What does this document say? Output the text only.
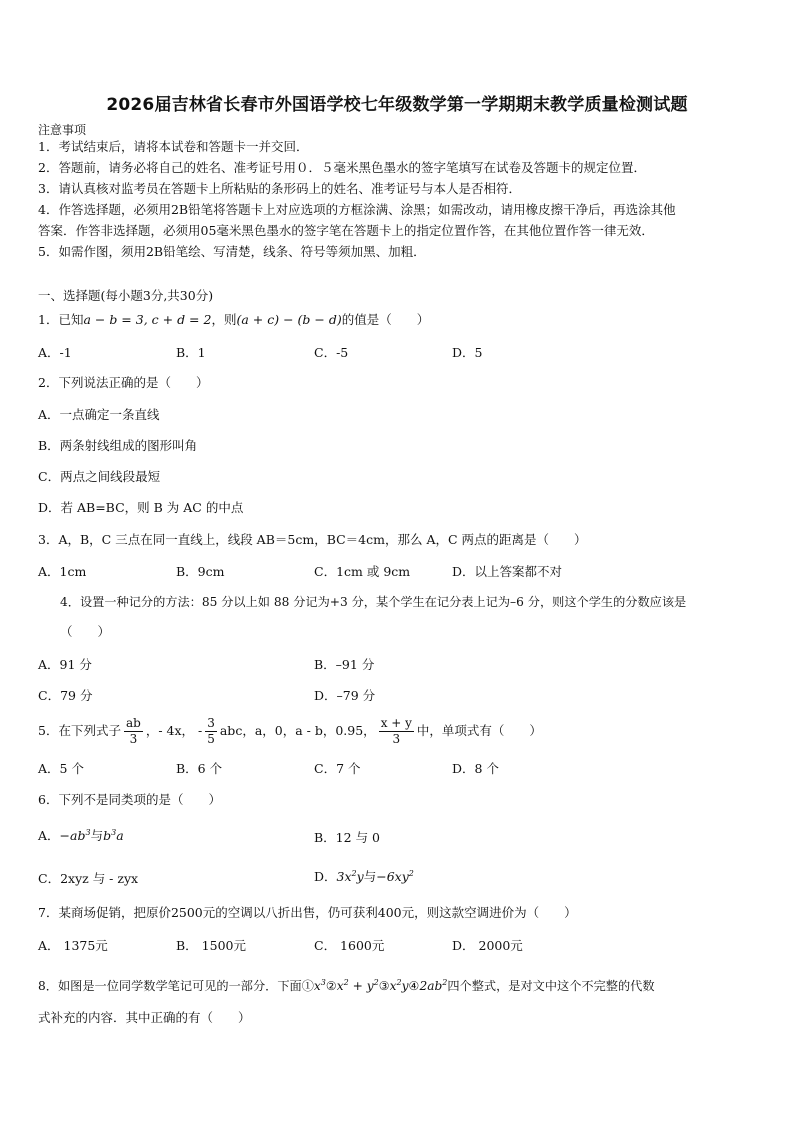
2026届吉林省长春市外国语学校七年级数学第一学期期末教学质量检测试题
注意事项
1．考试结束后，请将本试卷和答题卡一并交回．
2．答题前，请务必将自己的姓名、准考证号用０．５毫米黑色墨水的签字笔填写在试卷及答题卡的规定位置．
3．请认真核对监考员在答题卡上所粘贴的条形码上的姓名、准考证号与本人是否相符．
4．作答选择题，必须用2B铅笔将答题卡上对应选项的方框涂满、涂黑；如需改动，请用橡皮擦干净后，再选涂其他
答案．作答非选择题，必须用05毫米黑色墨水的签字笔在答题卡上的指定位置作答，在其他位置作答一律无效．
5．如需作图，须用2B铅笔绘、写清楚，线条、符号等须加黑、加粗．
一、选择题(每小题3分,共30分)
1．已知a − b = 3, c + d = 2，则(a + c) − (b − d)的值是（　　）
A．-1	B．1	C．-5	D．5
2．下列说法正确的是（　　）
A．一点确定一条直线
B．两条射线组成的图形叫角
C．两点之间线段最短
D．若 AB=BC，则 B 为 AC 的中点
3．A，B，C 三点在同一直线上，线段 AB＝5cm，BC＝4cm，那么 A，C 两点的距离是（　　）
A．1cm	B．9cm	C．1cm 或 9cm	D．以上答案都不对
4．设置一种记分的方法：85 分以上如 88 分记为+3 分，某个学生在记分表上记为–6 分，则这个学生的分数应该是
（　　）
A．91 分	B．–91 分
C．79 分	D．–79 分
5．在下列式子 $\frac{ab}{3}$ ，- 4x， - $\frac{3}{5}$ abc，a，0，a - b，0.95， $\frac{x + y}{3}$ 中，单项式有（　　）
A．5 个	B．6 个	C．7 个	D．8 个
6．下列不是同类项的是（　　）
A．$-ab^3$与$b^3a$	B．12 与 0
C．2xyz 与 - zyx	D．$3x^2y$与$-6xy^2$
7．某商场促销，把原价2500元的空调以八折出售，仍可获利400元，则这款空调进价为（　　）
A． 1375元	B． 1500元	C． 1600元	D． 2000元
8．如图是一位同学数学笔记可见的一部分．下面$①x^3②x^2$ + $y^2③x^2y④2ab^2$四个整式，是对文中这个不完整的代数
式补充的内容．其中正确的有（　　）
